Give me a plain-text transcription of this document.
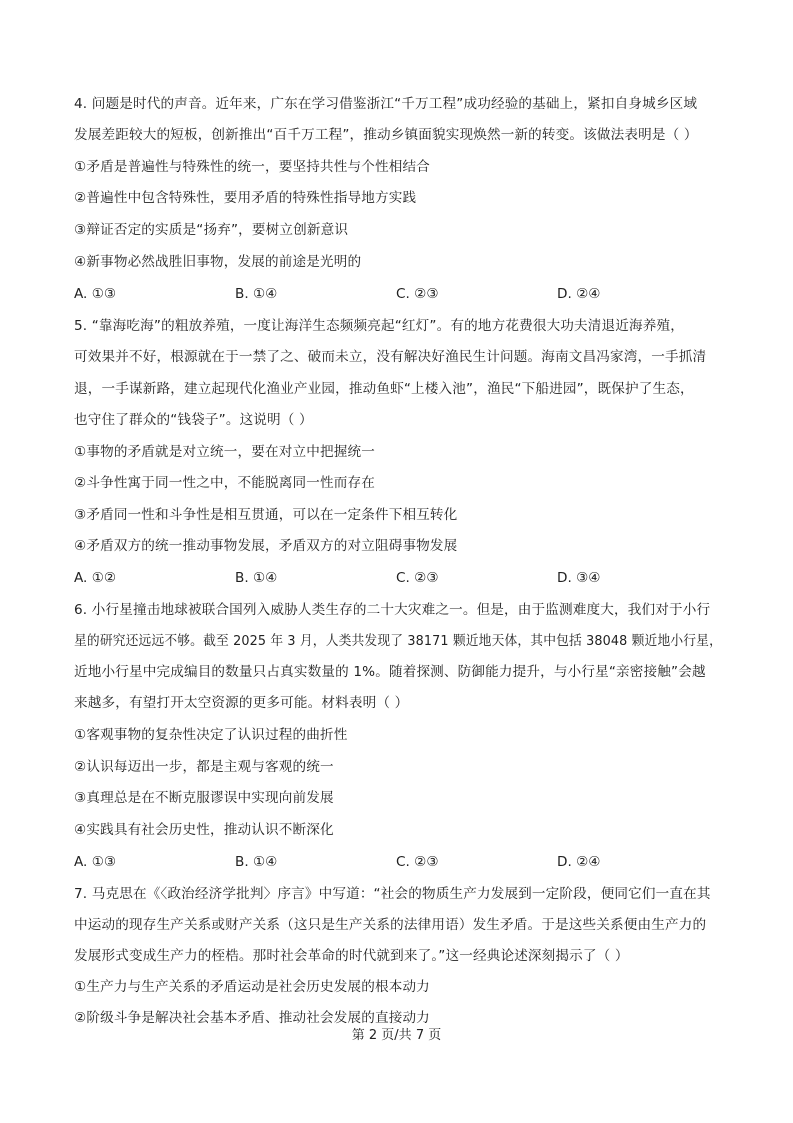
4. 问题是时代的声音。近年来，广东在学习借鉴浙江“千万工程”成功经验的基础上，紧扣自身城乡区域
发展差距较大的短板，创新推出“百千万工程”，推动乡镇面貌实现焕然一新的转变。该做法表明是（ ）
①矛盾是普遍性与特殊性的统一，要坚持共性与个性相结合
②普遍性中包含特殊性，要用矛盾的特殊性指导地方实践
③辩证否定的实质是“扬弃”，要树立创新意识
④新事物必然战胜旧事物，发展的前途是光明的
A. ①③	B. ①④	C. ②③	D. ②④
5. “靠海吃海”的粗放养殖，一度让海洋生态频频亮起“红灯”。有的地方花费很大功夫清退近海养殖，
可效果并不好，根源就在于一禁了之、破而未立，没有解决好渔民生计问题。海南文昌冯家湾，一手抓清
退，一手谋新路，建立起现代化渔业产业园，推动鱼虾“上楼入池”，渔民“下船进园”，既保护了生态，
也守住了群众的“钱袋子”。这说明（ ）
①事物的矛盾就是对立统一，要在对立中把握统一
②斗争性寓于同一性之中，不能脱离同一性而存在
③矛盾同一性和斗争性是相互贯通，可以在一定条件下相互转化
④矛盾双方的统一推动事物发展，矛盾双方的对立阻碍事物发展
A. ①②	B. ①④	C. ②③	D. ③④
6. 小行星撞击地球被联合国列入威胁人类生存的二十大灾难之一。但是，由于监测难度大，我们对于小行
星的研究还远远不够。截至 2025 年 3 月，人类共发现了 38171 颗近地天体，其中包括 38048 颗近地小行星，
近地小行星中完成编目的数量只占真实数量的 1%。随着探测、防御能力提升，与小行星“亲密接触”会越
来越多，有望打开太空资源的更多可能。材料表明（ ）
①客观事物的复杂性决定了认识过程的曲折性
②认识每迈出一步，都是主观与客观的统一
③真理总是在不断克服谬误中实现向前发展
④实践具有社会历史性，推动认识不断深化
A. ①③	B. ①④	C. ②③	D. ②④
7. 马克思在《〈政治经济学批判〉序言》中写道：“社会的物质生产力发展到一定阶段，便同它们一直在其
中运动的现存生产关系或财产关系（这只是生产关系的法律用语）发生矛盾。于是这些关系便由生产力的
发展形式变成生产力的桎梏。那时社会革命的时代就到来了。”这一经典论述深刻揭示了（ ）
①生产力与生产关系的矛盾运动是社会历史发展的根本动力
②阶级斗争是解决社会基本矛盾、推动社会发展的直接动力
第 2 页/共 7 页
